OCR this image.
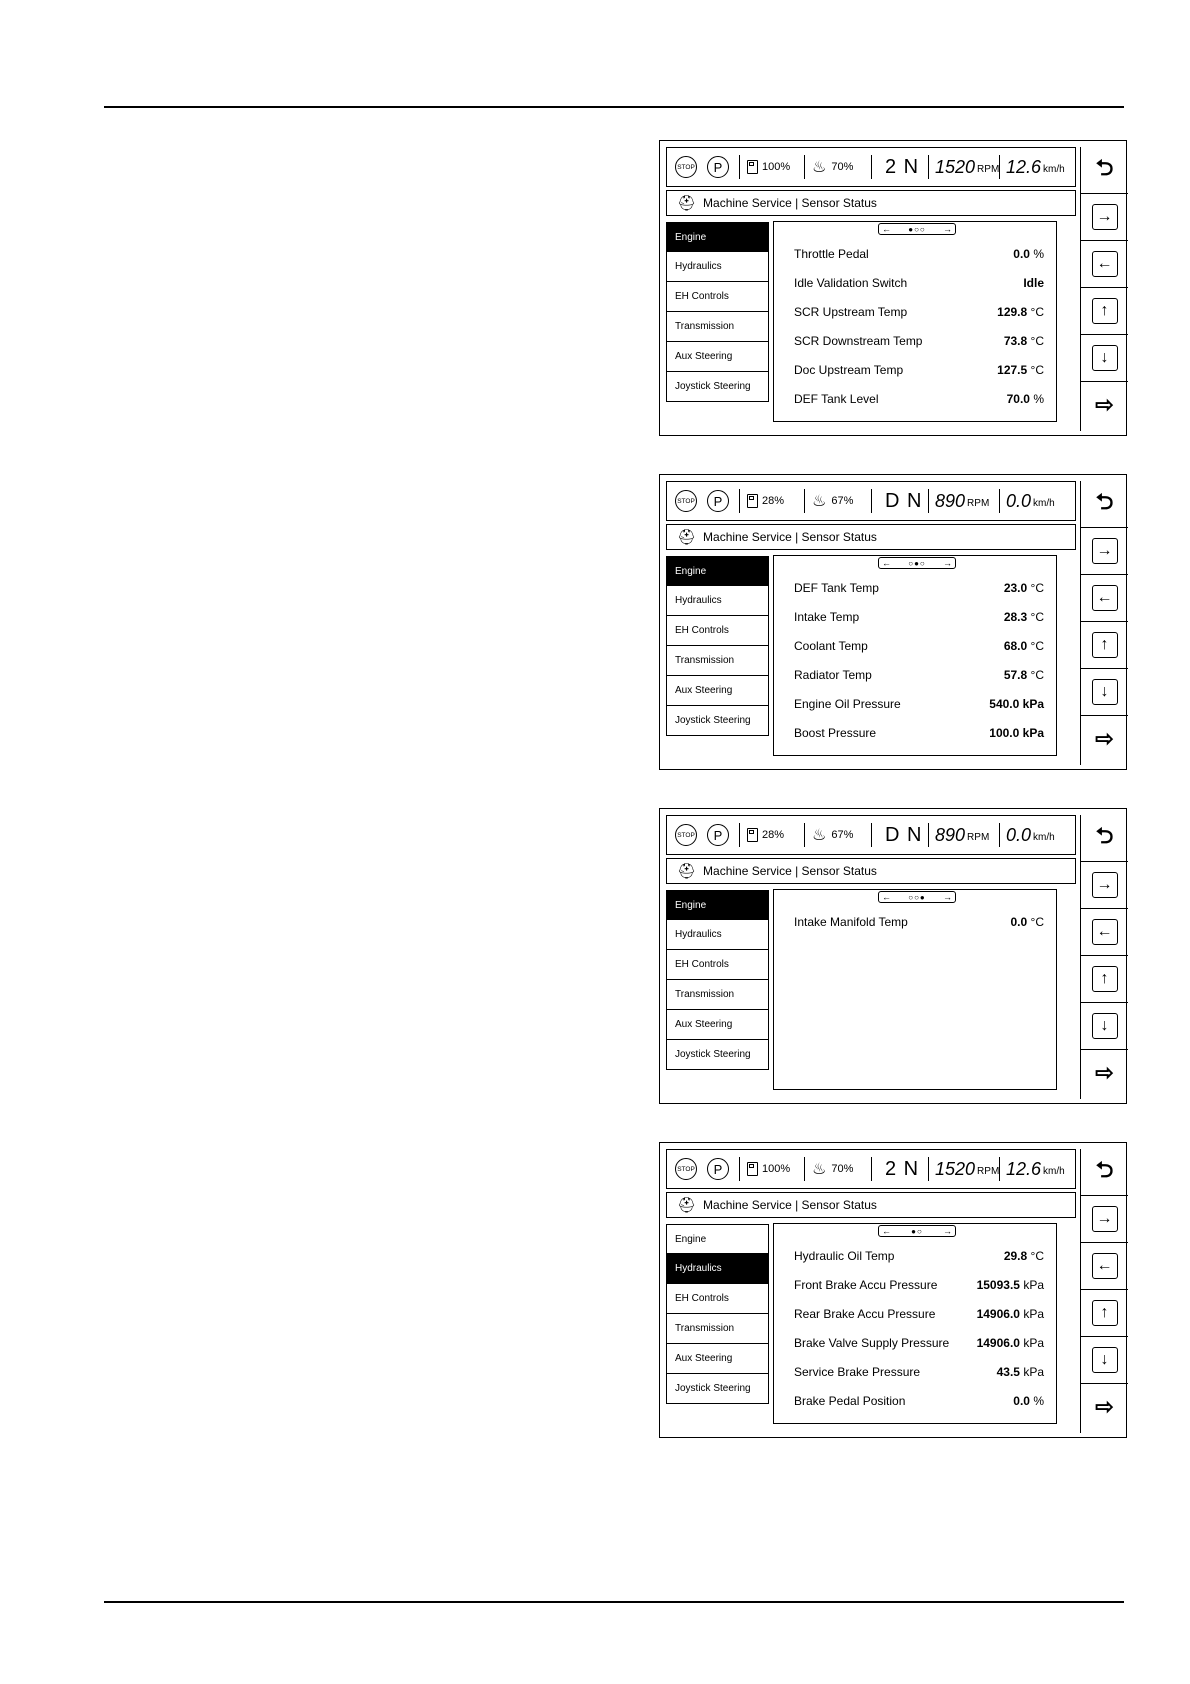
STOP	P	100% ♨ 70% 2 N 1520 RPM 12.6 km/h
⛑ Machine Service | Sensor Status
Engine
Hydraulics
EH Controls
Transmission
Aux Steering
Joystick Steering
← ●○○ →
Throttle Pedal	0.0 %
Idle Validation Switch	Idle
SCR Upstream Temp	129.8 °C
SCR Downstream Temp	73.8 °C
Doc Upstream Temp	127.5 °C
DEF Tank Level	70.0 %
⮌
→
←
↑
↓
⇨
STOP	P	28% ♨ 67% D N 890 RPM 0.0 km/h
⛑ Machine Service | Sensor Status
Engine
Hydraulics
EH Controls
Transmission
Aux Steering
Joystick Steering
← ○●○ →
DEF Tank Temp	23.0 °C
Intake Temp	28.3 °C
Coolant Temp	68.0 °C
Radiator Temp	57.8 °C
Engine Oil Pressure	540.0 kPa
Boost Pressure	100.0 kPa
⮌
→
←
↑
↓
⇨
STOP	P	28% ♨ 67% D N 890 RPM 0.0 km/h
⛑ Machine Service | Sensor Status
Engine
Hydraulics
EH Controls
Transmission
Aux Steering
Joystick Steering
← ○○● →
Intake Manifold Temp	0.0 °C
⮌
→
←
↑
↓
⇨
STOP	P	100% ♨ 70% 2 N 1520 RPM 12.6 km/h
⛑ Machine Service | Sensor Status
Engine
Hydraulics
EH Controls
Transmission
Aux Steering
Joystick Steering
←	●○ →
Hydraulic Oil Temp	29.8 °C
Front Brake Accu Pressure	15093.5 kPa
Rear Brake Accu Pressure	14906.0 kPa
Brake Valve Supply Pressure 14906.0 kPa
Service Brake Pressure	43.5 kPa
Brake Pedal Position	0.0 %
⮌
→
←
↑
↓
⇨
